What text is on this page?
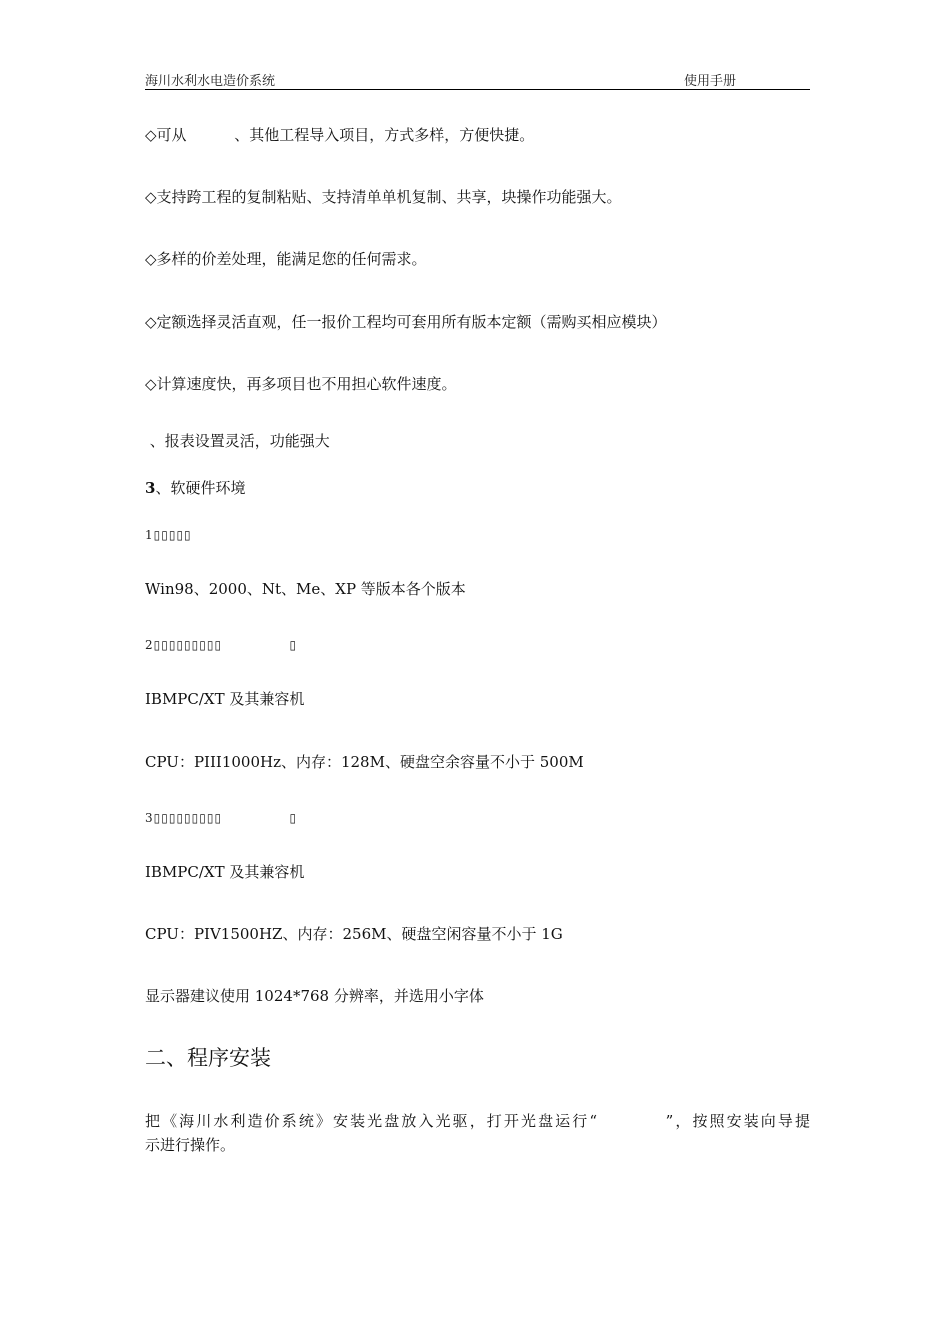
海川水利水电造价系统	使用手册
◇可从          、其他工程导入项目，方式多样，方便快捷。
◇支持跨工程的复制粘贴、支持清单单机复制、共享，块操作功能强大。
◇多样的价差处理，能满足您的任何需求。
◇定额选择灵活直观，任一报价工程均可套用所有版本定额（需购买相应模块）
◇计算速度快，再多项目也不用担心软件速度。
、报表设置灵活，功能强大
3、软硬件环境
1▯▯▯▯▯
Win98、2000、Nt、Me、XP 等版本各个版本
2▯▯▯▯▯▯▯▯▯              ▯
IBMPC/XT 及其兼容机
CPU：PIII1000Hz、内存：128M、硬盘空余容量不小于 500M
3▯▯▯▯▯▯▯▯▯              ▯
IBMPC/XT 及其兼容机
CPU：PIV1500HZ、内存：256M、硬盘空闲容量不小于 1G
显示器建议使用 1024*768 分辨率，并选用小字体
二、程序安装
把《海川水利造价系统》安装光盘放入光驱，打开光盘运行“          ”，按照安装向导提
示进行操作。
